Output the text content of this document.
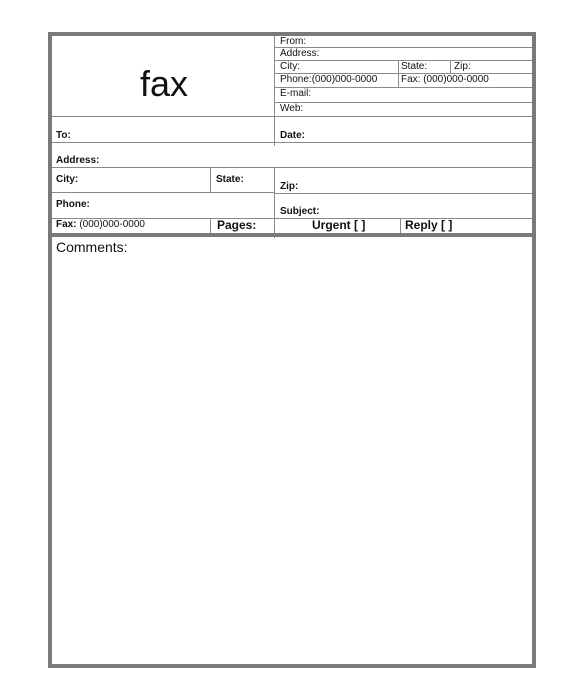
fax
From:
Address:
City:	State:	Zip:
Phone:(000)000-0000 Fax: (000)000-0000
E-mail:
Web:
To:	Date:
Address:
City:	State:
Zip:
Phone:
Subject:
Fax: (000)000-0000	Pages:	Urgent [ ]	Reply [ ]
Comments:
